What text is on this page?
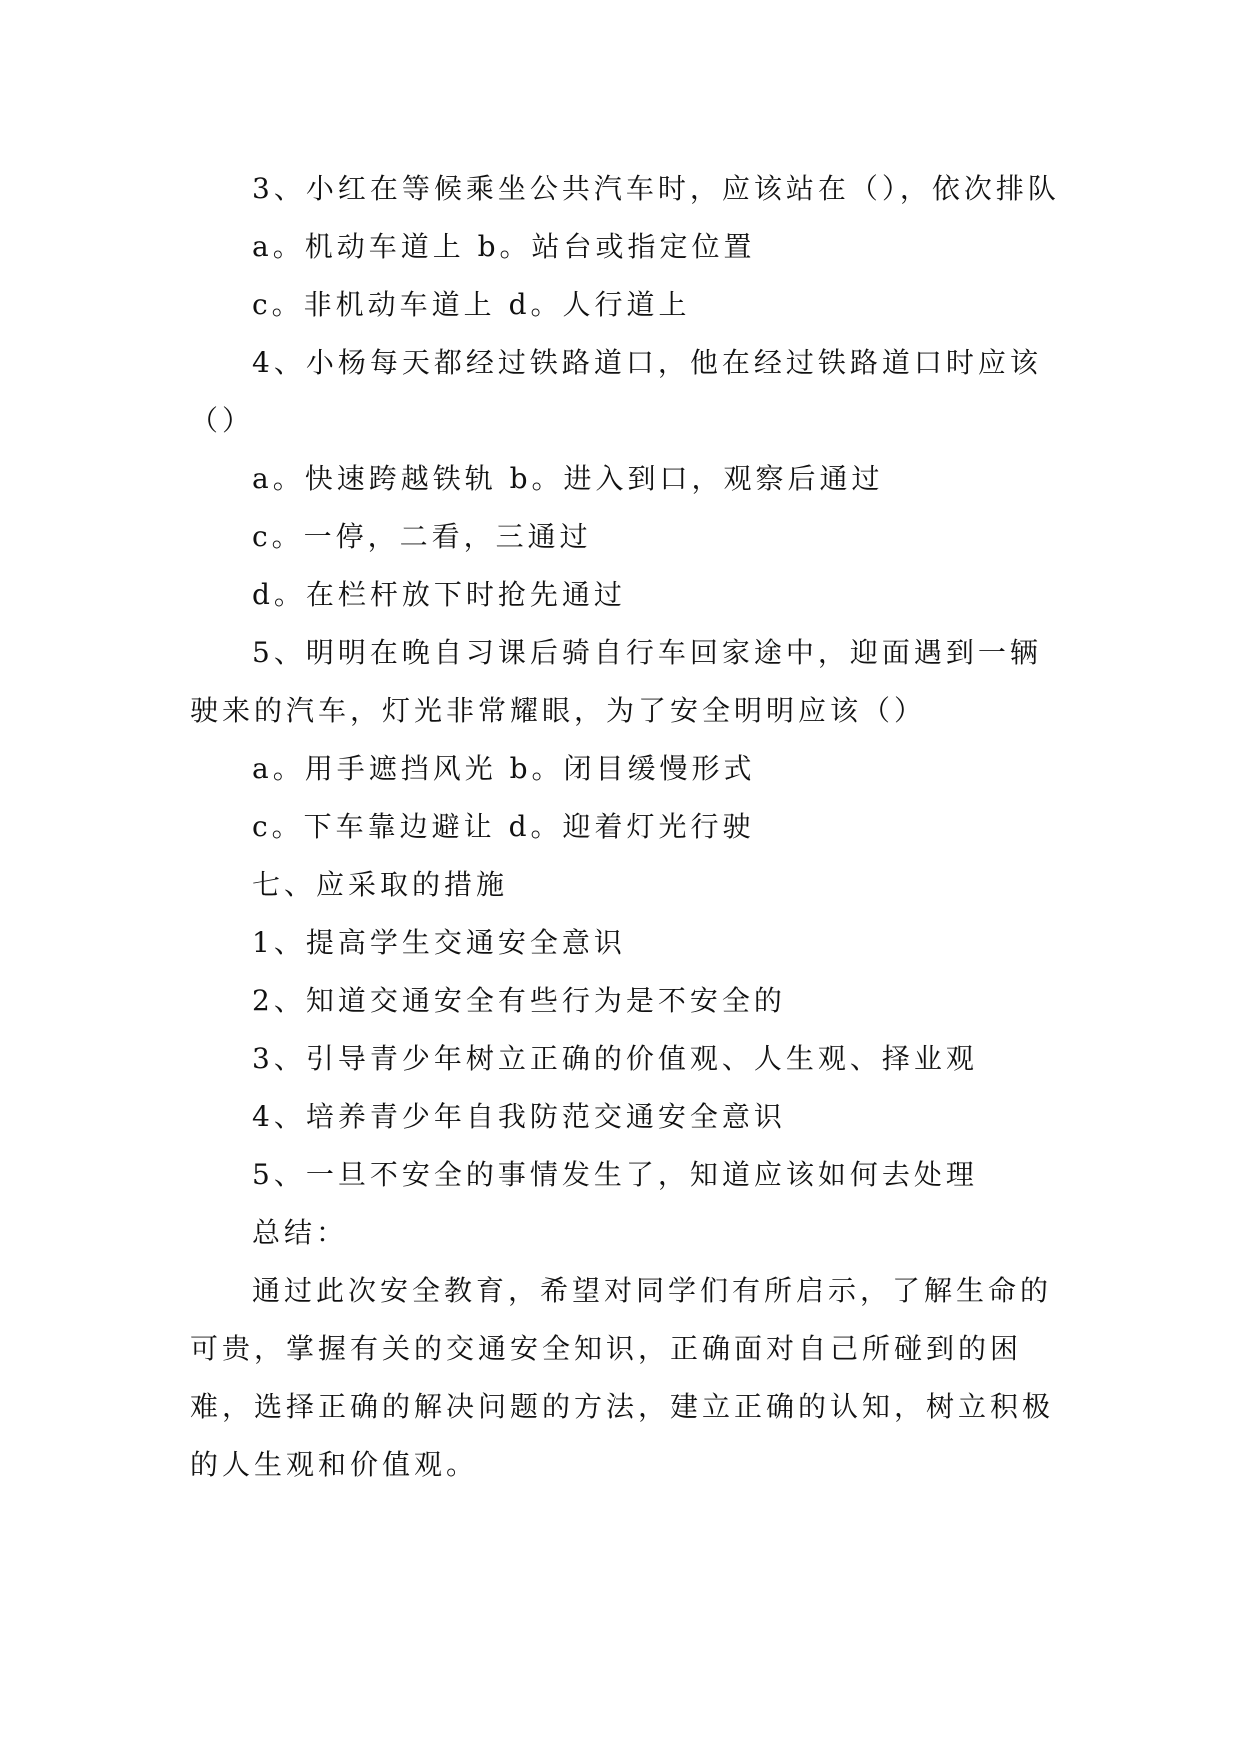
3、小红在等候乘坐公共汽车时，应该站在（），依次排队

a。机动车道上 b。站台或指定位置

c。非机动车道上 d。人行道上

4、小杨每天都经过铁路道口，他在经过铁路道口时应该（）

a。快速跨越铁轨 b。进入到口，观察后通过

c。一停，二看，三通过

d。在栏杆放下时抢先通过

5、明明在晚自习课后骑自行车回家途中，迎面遇到一辆驶来的汽车，灯光非常耀眼，为了安全明明应该（）

a。用手遮挡风光 b。闭目缓慢形式

c。下车靠边避让 d。迎着灯光行驶

七、应采取的措施

1、提高学生交通安全意识

2、知道交通安全有些行为是不安全的

3、引导青少年树立正确的价值观、人生观、择业观

4、培养青少年自我防范交通安全意识

5、一旦不安全的事情发生了，知道应该如何去处理

总结：

通过此次安全教育，希望对同学们有所启示，了解生命的可贵，掌握有关的交通安全知识，正确面对自己所碰到的困难，选择正确的解决问题的方法，建立正确的认知，树立积极的人生观和价值观。
